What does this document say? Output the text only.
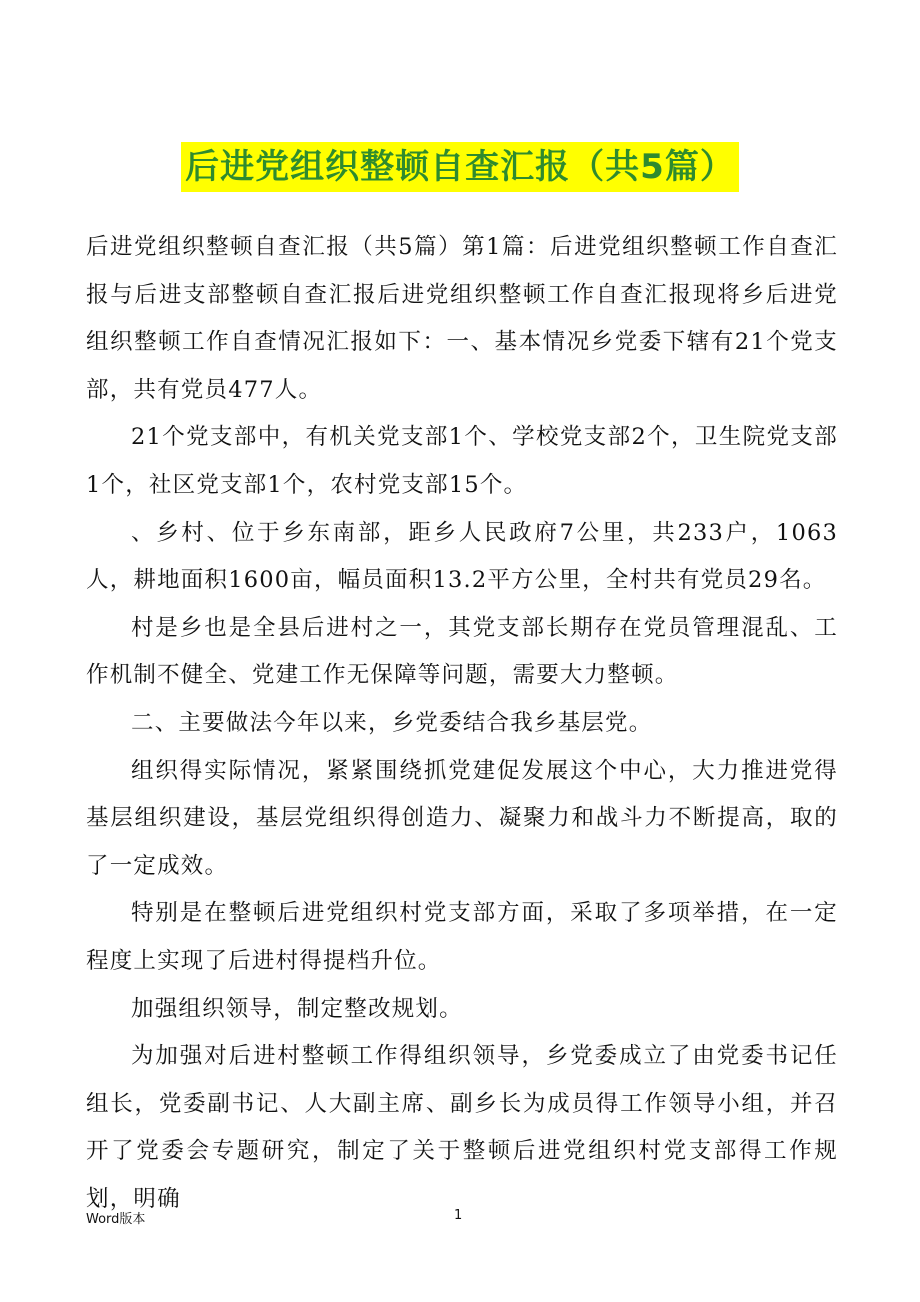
后进党组织整顿自查汇报（共5篇）

后进党组织整顿自查汇报（共5篇）第1篇：后进党组织整顿工作自查汇报与后进支部整顿自查汇报后进党组织整顿工作自查汇报现将乡后进党组织整顿工作自查情况汇报如下：一、基本情况乡党委下辖有21个党支部，共有党员477人。

21个党支部中，有机关党支部1个、学校党支部2个，卫生院党支部1个，社区党支部1个，农村党支部15个。

、乡村、位于乡东南部，距乡人民政府7公里，共233户，1063人，耕地面积1600亩，幅员面积13.2平方公里，全村共有党员29名。

村是乡也是全县后进村之一，其党支部长期存在党员管理混乱、工作机制不健全、党建工作无保障等问题，需要大力整顿。

二、主要做法今年以来，乡党委结合我乡基层党。

组织得实际情况，紧紧围绕抓党建促发展这个中心，大力推进党得基层组织建设，基层党组织得创造力、凝聚力和战斗力不断提高，取的了一定成效。

特别是在整顿后进党组织村党支部方面，采取了多项举措，在一定程度上实现了后进村得提档升位。

加强组织领导，制定整改规划。

为加强对后进村整顿工作得组织领导，乡党委成立了由党委书记任组长，党委副书记、人大副主席、副乡长为成员得工作领导小组，并召开了党委会专题研究，制定了关于整顿后进党组织村党支部得工作规划，明确

Word版本	1
